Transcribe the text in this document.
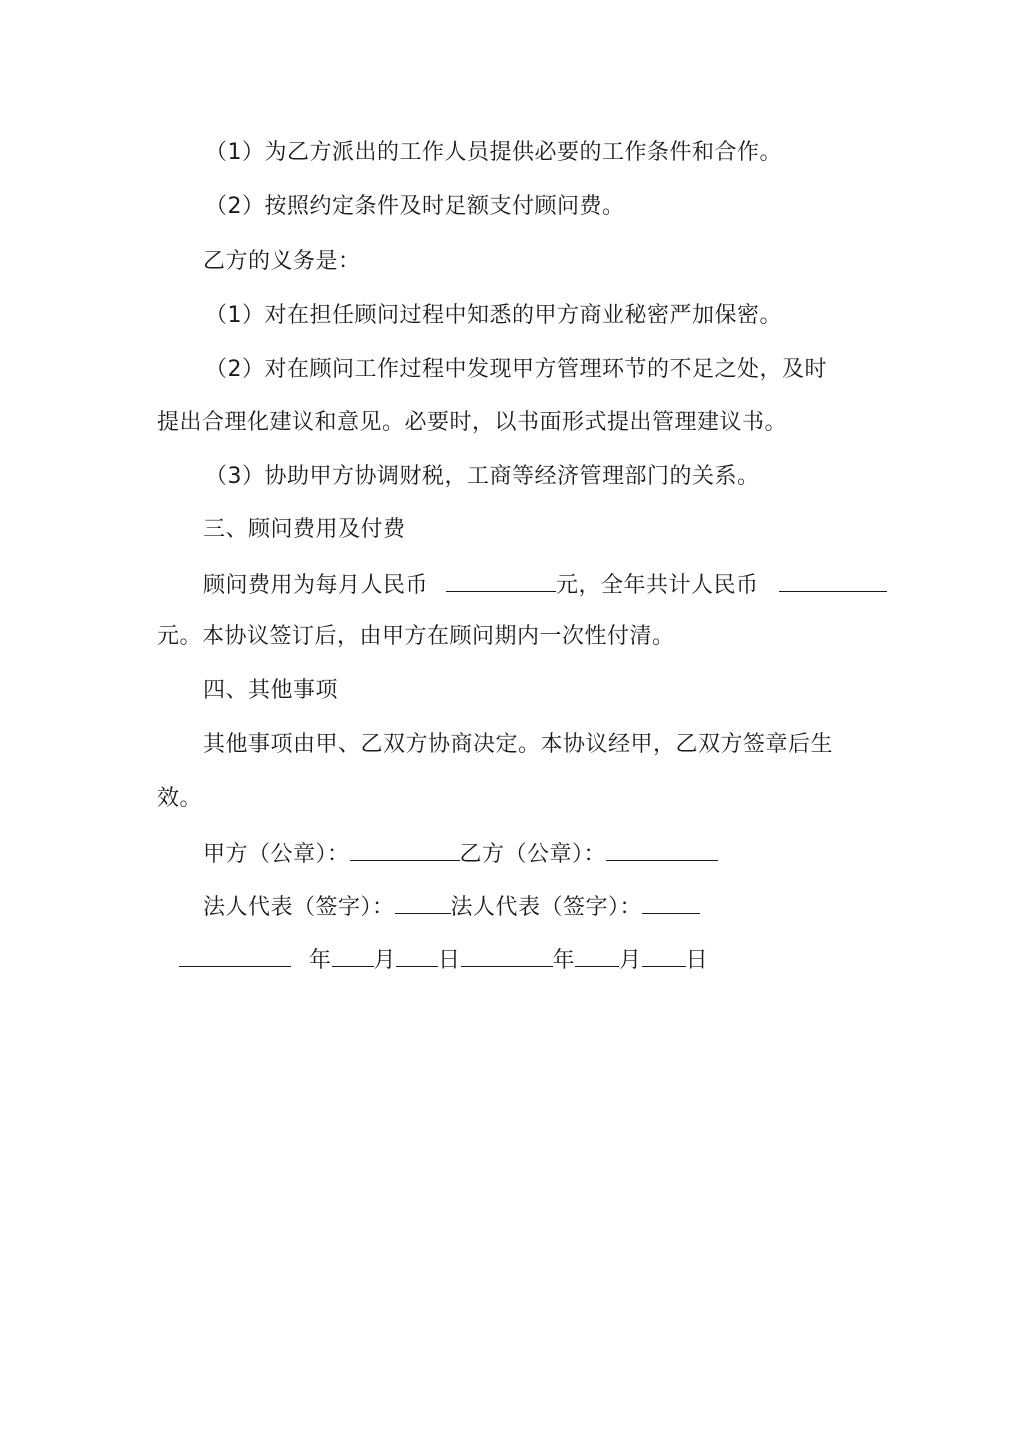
（1）为乙方派出的工作人员提供必要的工作条件和合作。
（2）按照约定条件及时足额支付顾问费。
乙方的义务是：
（1）对在担任顾问过程中知悉的甲方商业秘密严加保密。
（2）对在顾问工作过程中发现甲方管理环节的不足之处，及时
提出合理化建议和意见。必要时，以书面形式提出管理建议书。
（3）协助甲方协调财税，工商等经济管理部门的关系。
三、顾问费用及付费
顾问费用为每月人民币	元，全年共计人民币
元。本协议签订后，由甲方在顾问期内一次性付清。
四、其他事项
其他事项由甲、乙双方协商决定。本协议经甲，乙双方签章后生
效。
甲方（公章）：	乙方（公章）：
法人代表（签字）：	法人代表（签字）：
年 月 日	年 月 日
